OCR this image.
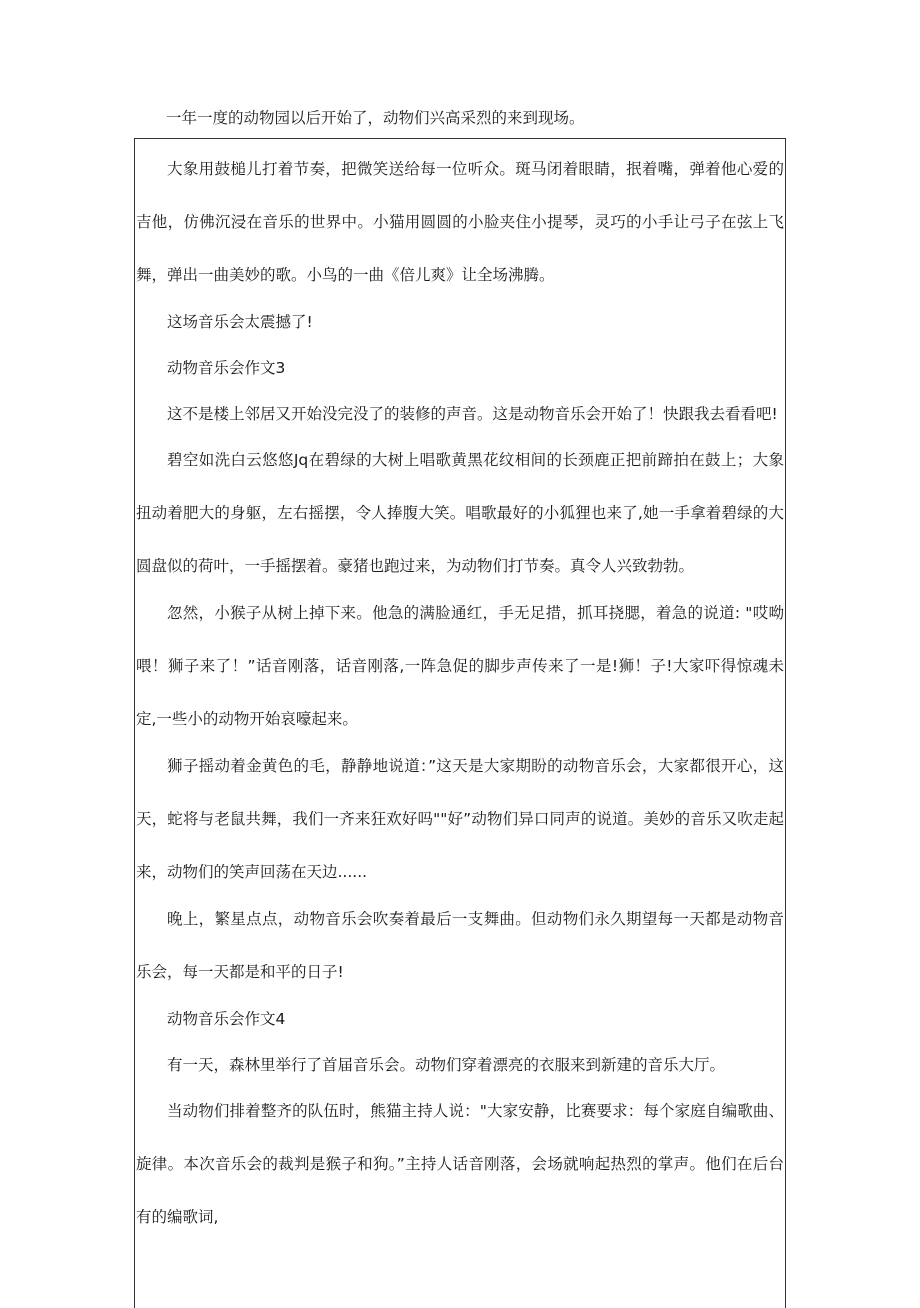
一年一度的动物园以后开始了，动物们兴高采烈的来到现场。

大象用鼓槌儿打着节奏，把微笑送给每一位听众。斑马闭着眼睛，抿着嘴，弹着他心爱的吉他，仿佛沉浸在音乐的世界中。小猫用圆圆的小脸夹住小提琴，灵巧的小手让弓子在弦上飞舞，弹出一曲美妙的歌。小鸟的一曲《倍儿爽》让全场沸腾。

这场音乐会太震撼了!

动物音乐会作文3

这不是楼上邻居又开始没完没了的装修的声音。这是动物音乐会开始了！快跟我去看看吧!

碧空如洗白云悠悠Jq在碧绿的大树上唱歌黄黑花纹相间的长颈鹿正把前蹄拍在鼓上；大象扭动着肥大的身躯，左右摇摆，令人捧腹大笑。唱歌最好的小狐狸也来了,她一手拿着碧绿的大圆盘似的荷叶，一手摇摆着。豪猪也跑过来，为动物们打节奏。真令人兴致勃勃。

忽然，小猴子从树上掉下来。他急的满脸通红，手无足措，抓耳挠腮，着急的说道: "哎呦喂！狮子来了！”话音刚落，话音刚落,一阵急促的脚步声传来了一是!狮！子!大家吓得惊魂未定,一些小的动物开始哀嚎起来。

狮子摇动着金黄色的毛，静静地说道：”这天是大家期盼的动物音乐会，大家都很开心，这天，蛇将与老鼠共舞，我们一齐来狂欢好吗""好”动物们异口同声的说道。美妙的音乐又吹走起来，动物们的笑声回荡在天边......

晚上，繁星点点，动物音乐会吹奏着最后一支舞曲。但动物们永久期望每一天都是动物音乐会，每一天都是和平的日子!

动物音乐会作文4

有一天，森林里举行了首届音乐会。动物们穿着漂亮的衣服来到新建的音乐大厅。

当动物们排着整齐的队伍时，熊猫主持人说："大家安静，比赛要求：每个家庭自编歌曲、旋律。本次音乐会的裁判是猴子和狗。”主持人话音刚落，会场就响起热烈的掌声。他们在后台有的编歌词,
